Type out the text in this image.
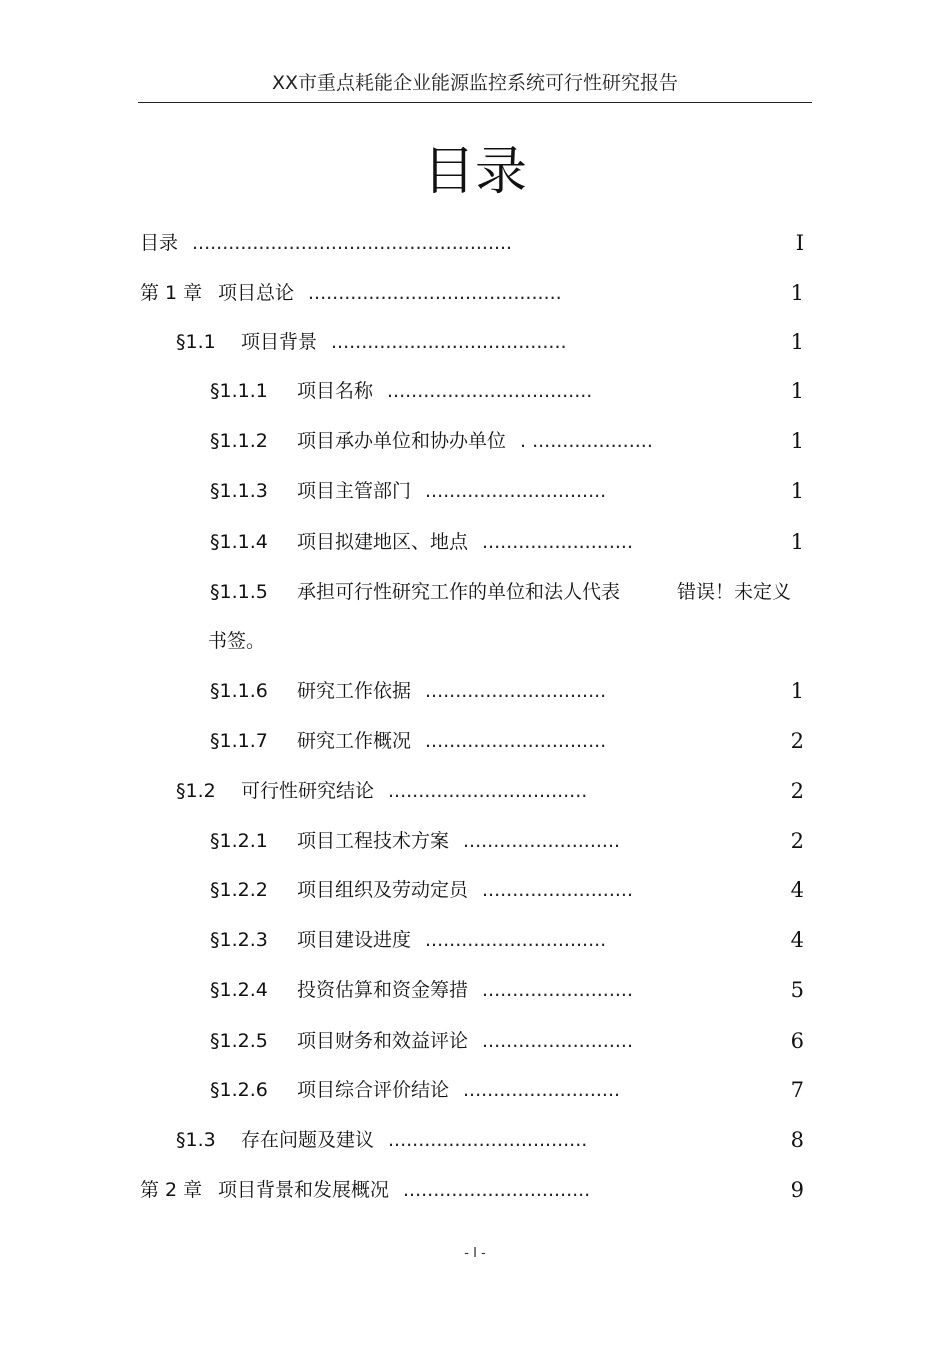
XX市重点耗能企业能源监控系统可行性研究报告
目录
目录 .....................................................	I
第 1 章 项目总论 ..........................................	1
§1.1 项目背景 .......................................	1
§1.1.1 项目名称 ..................................	1
§1.1.2 项目承办单位和协办单位 . ....................	1
§1.1.3 项目主管部门 ..............................	1
§1.1.4 项目拟建地区、地点 .........................	1
§1.1.5 承担可行性研究工作的单位和法人代表	错误！未定义
书签。
§1.1.6 研究工作依据 ..............................	1
§1.1.7 研究工作概况 ..............................	2
§1.2 可行性研究结论 .................................	2
§1.2.1 项目工程技术方案 ..........................	2
§1.2.2 项目组织及劳动定员 .........................	4
§1.2.3 项目建设进度 ..............................	4
§1.2.4 投资估算和资金筹措 .........................	5
§1.2.5 项目财务和效益评论 .........................	6
§1.2.6 项目综合评价结论 ..........................	7
§1.3 存在问题及建议 .................................	8
第 2 章 项目背景和发展概况 ...............................	9
- I -
